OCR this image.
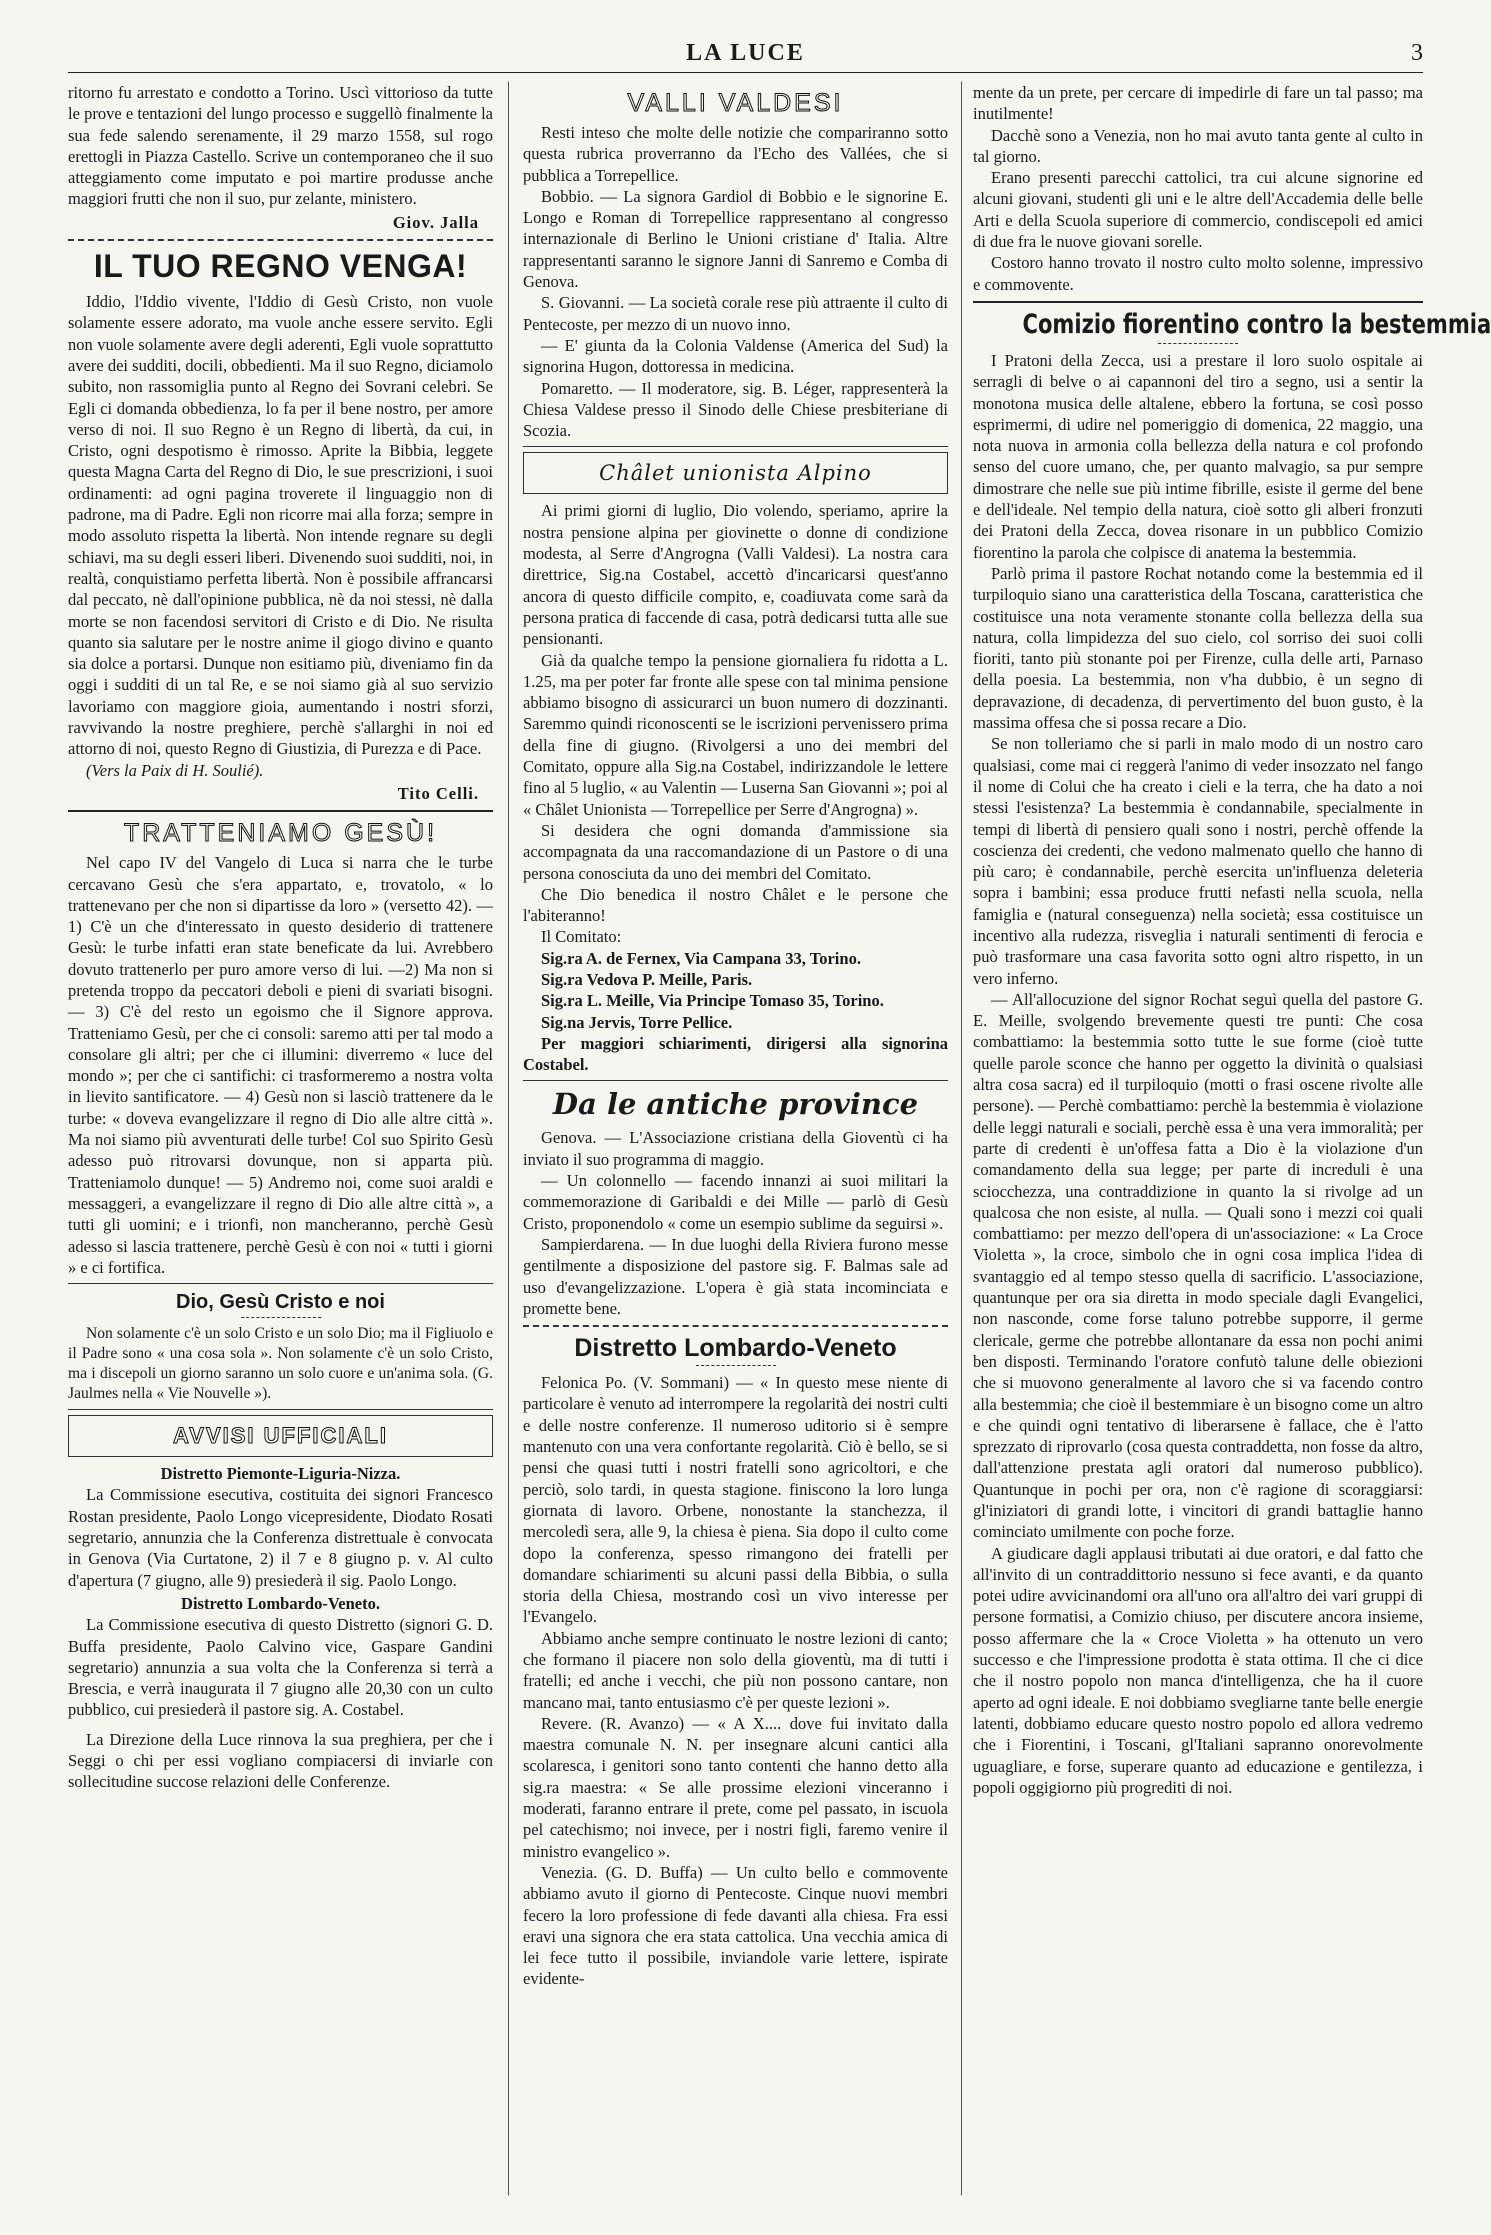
LA LUCE	3

ritorno fu arrestato e condotto a Torino. Uscì vittorioso da tutte le prove e tentazioni del lungo processo e suggellò finalmente la sua fede salendo serenamente, il 29 marzo 1558, sul rogo erettogli in Piazza Castello. Scrive un contemporaneo che il suo atteggiamento come imputato e poi martire produsse anche maggiori frutti che non il suo, pur zelante, ministero.

Giov. Jalla

IL TUO REGNO VENGA!

Iddio, l'Iddio vivente, l'Iddio di Gesù Cristo, non vuole solamente essere adorato, ma vuole anche essere servito. Egli non vuole solamente avere degli aderenti, Egli vuole soprattutto avere dei sudditi, docili, obbedienti. Ma il suo Regno, diciamolo subito, non rassomiglia punto al Regno dei Sovrani celebri. Se Egli ci domanda obbedienza, lo fa per il bene nostro, per amore verso di noi. Il suo Regno è un Regno di libertà, da cui, in Cristo, ogni despotismo è rimosso. Aprite la Bibbia, leggete questa Magna Carta del Regno di Dio, le sue prescrizioni, i suoi ordinamenti: ad ogni pagina troverete il linguaggio non di padrone, ma di Padre. Egli non ricorre mai alla forza; sempre in modo assoluto rispetta la libertà. Non intende regnare su degli schiavi, ma su degli esseri liberi. Divenendo suoi sudditi, noi, in realtà, conquistiamo perfetta libertà. Non è possibile affrancarsi dal peccato, nè dall'opinione pubblica, nè da noi stessi, nè dalla morte se non facendosi servitori di Cristo e di Dio. Ne risulta quanto sia salutare per le nostre anime il giogo divino e quanto sia dolce a portarsi. Dunque non esitiamo più, diveniamo fin da oggi i sudditi di un tal Re, e se noi siamo già al suo servizio lavoriamo con maggiore gioia, aumentando i nostri sforzi, ravvivando la nostre preghiere, perchè s'allarghi in noi ed attorno di noi, questo Regno di Giustizia, di Purezza e di Pace.

(Vers la Paix di H. Soulié).

Tito Celli.

TRATTENIAMO GESÙ!

Nel capo IV del Vangelo di Luca si narra che le turbe cercavano Gesù che s'era appartato, e, trovatolo, « lo trattenevano per che non si dipartisse da loro » (versetto 42). — 1) C'è un che d'interessato in questo desiderio di trattenere Gesù: le turbe infatti eran state beneficate da lui. Avrebbero dovuto trattenerlo per puro amore verso di lui. —2) Ma non si pretenda troppo da peccatori deboli e pieni di svariati bisogni. — 3) C'è del resto un egoismo che il Signore approva. Tratteniamo Gesù, per che ci consoli: saremo atti per tal modo a consolare gli altri; per che ci illumini: diverremo « luce del mondo »; per che ci santifichi: ci trasformeremo a nostra volta in lievito santificatore. — 4) Gesù non si lasciò trattenere da le turbe: « doveva evangelizzare il regno di Dio alle altre città ». Ma noi siamo più avventurati delle turbe! Col suo Spirito Gesù adesso può ritrovarsi dovunque, non si apparta più. Tratteniamolo dunque! — 5) Andremo noi, come suoi araldi e messaggeri, a evangelizzare il regno di Dio alle altre città », a tutti gli uomini; e i trionfi, non mancheranno, perchè Gesù adesso si lascia trattenere, perchè Gesù è con noi « tutti i giorni » e ci fortifica.

Dio, Gesù Cristo e noi

Non solamente c'è un solo Cristo e un solo Dio; ma il Figliuolo e il Padre sono « una cosa sola ». Non solamente c'è un solo Cristo, ma i discepoli un giorno saranno un solo cuore e un'anima sola. (G. Jaulmes nella « Vie Nouvelle »).

AVVISI UFFICIALI

Distretto Piemonte-Liguria-Nizza.

La Commissione esecutiva, costituita dei signori Francesco Rostan presidente, Paolo Longo vicepresidente, Diodato Rosati segretario, annunzia che la Conferenza distrettuale è convocata in Genova (Via Curtatone, 2) il 7 e 8 giugno p. v. Al culto d'apertura (7 giugno, alle 9) presiederà il sig. Paolo Longo.

Distretto Lombardo-Veneto.

La Commissione esecutiva di questo Distretto (signori G. D. Buffa presidente, Paolo Calvino vice, Gaspare Gandini segretario) annunzia a sua volta che la Conferenza si terrà a Brescia, e verrà inaugurata il 7 giugno alle 20,30 con un culto pubblico, cui presiederà il pastore sig. A. Costabel.

La Direzione della Luce rinnova la sua preghiera, per che i Seggi o chi per essi vogliano compiacersi di inviarle con sollecitudine succose relazioni delle Conferenze.

VALLI VALDESI

Resti inteso che molte delle notizie che compariranno sotto questa rubrica proverranno da l'Echo des Vallées, che si pubblica a Torrepellice.

Bobbio. — La signora Gardiol di Bobbio e le signorine E. Longo e Roman di Torrepellice rappresentano al congresso internazionale di Berlino le Unioni cristiane d' Italia. Altre rappresentanti saranno le signore Janni di Sanremo e Comba di Genova.

S. Giovanni. — La società corale rese più attraente il culto di Pentecoste, per mezzo di un nuovo inno.

— E' giunta da la Colonia Valdense (America del Sud) la signorina Hugon, dottoressa in medicina.

Pomaretto. — Il moderatore, sig. B. Léger, rappresenterà la Chiesa Valdese presso il Sinodo delle Chiese presbiteriane di Scozia.

Châlet unionista Alpino

Ai primi giorni di luglio, Dio volendo, speriamo, aprire la nostra pensione alpina per giovinette o donne di condizione modesta, al Serre d'Angrogna (Valli Valdesi). La nostra cara direttrice, Sig.na Costabel, accettò d'incaricarsi quest'anno ancora di questo difficile compito, e, coadiuvata come sarà da persona pratica di faccende di casa, potrà dedicarsi tutta alle sue pensionanti.

Già da qualche tempo la pensione giornaliera fu ridotta a L. 1.25, ma per poter far fronte alle spese con tal minima pensione abbiamo bisogno di assicurarci un buon numero di dozzinanti. Saremmo quindi riconoscenti se le iscrizioni pervenissero prima della fine di giugno. (Rivolgersi a uno dei membri del Comitato, oppure alla Sig.na Costabel, indirizzandole le lettere fino al 5 luglio, « au Valentin — Luserna San Giovanni »; poi al « Châlet Unionista — Torrepellice per Serre d'Angrogna) ».

Si desidera che ogni domanda d'ammissione sia accompagnata da una raccomandazione di un Pastore o di una persona conosciuta da uno dei membri del Comitato.

Che Dio benedica il nostro Châlet e le persone che l'abiteranno!

Il Comitato:

Sig.ra A. de Fernex, Via Campana 33, Torino.

Sig.ra Vedova P. Meille, Paris.

Sig.ra L. Meille, Via Principe Tomaso 35, Torino.

Sig.na Jervis, Torre Pellice.

Per maggiori schiarimenti, dirigersi alla signorina Costabel.

Da le antiche province

Genova. — L'Associazione cristiana della Gioventù ci ha inviato il suo programma di maggio.

— Un colonnello — facendo innanzi ai suoi militari la commemorazione di Garibaldi e dei Mille — parlò di Gesù Cristo, proponendolo « come un esempio sublime da seguirsi ».

Sampierdarena. — In due luoghi della Riviera furono messe gentilmente a disposizione del pastore sig. F. Balmas sale ad uso d'evangelizzazione. L'opera è già stata incominciata e promette bene.

Distretto Lombardo-Veneto

Felonica Po. (V. Sommani) — « In questo mese niente di particolare è venuto ad interrompere la regolarità dei nostri culti e delle nostre conferenze. Il numeroso uditorio si è sempre mantenuto con una vera confortante regolarità. Ciò è bello, se si pensi che quasi tutti i nostri fratelli sono agricoltori, e che perciò, solo tardi, in questa stagione. finiscono la loro lunga giornata di lavoro. Orbene, nonostante la stanchezza, il mercoledì sera, alle 9, la chiesa è piena. Sia dopo il culto come dopo la conferenza, spesso rimangono dei fratelli per domandare schiarimenti su alcuni passi della Bibbia, o sulla storia della Chiesa, mostrando così un vivo interesse per l'Evangelo.

Abbiamo anche sempre continuato le nostre lezioni di canto; che formano il piacere non solo della gioventù, ma di tutti i fratelli; ed anche i vecchi, che più non possono cantare, non mancano mai, tanto entusiasmo c'è per queste lezioni ».

Revere. (R. Avanzo) — « A X.... dove fui invitato dalla maestra comunale N. N. per insegnare alcuni cantici alla scolaresca, i genitori sono tanto contenti che hanno detto alla sig.ra maestra: « Se alle prossime elezioni vinceranno i moderati, faranno entrare il prete, come pel passato, in iscuola pel catechismo; noi invece, per i nostri figli, faremo venire il ministro evangelico ».

Venezia. (G. D. Buffa) — Un culto bello e commovente abbiamo avuto il giorno di Pentecoste. Cinque nuovi membri fecero la loro professione di fede davanti alla chiesa. Fra essi eravi una signora che era stata cattolica. Una vecchia amica di lei fece tutto il possibile, inviandole varie lettere, ispirate evidente-

mente da un prete, per cercare di impedirle di fare un tal passo; ma inutilmente!

Dacchè sono a Venezia, non ho mai avuto tanta gente al culto in tal giorno.

Erano presenti parecchi cattolici, tra cui alcune signorine ed alcuni giovani, studenti gli uni e le altre dell'Accademia delle belle Arti e della Scuola superiore di commercio, condiscepoli ed amici di due fra le nuove giovani sorelle.

Costoro hanno trovato il nostro culto molto solenne, impressivo e commovente.

Comizio fiorentino contro la bestemmia

I Pratoni della Zecca, usi a prestare il loro suolo ospitale ai serragli di belve o ai capannoni del tiro a segno, usi a sentir la monotona musica delle altalene, ebbero la fortuna, se così posso esprimermi, di udire nel pomeriggio di domenica, 22 maggio, una nota nuova in armonia colla bellezza della natura e col profondo senso del cuore umano, che, per quanto malvagio, sa pur sempre dimostrare che nelle sue più intime fibrille, esiste il germe del bene e dell'ideale. Nel tempio della natura, cioè sotto gli alberi fronzuti dei Pratoni della Zecca, dovea risonare in un pubblico Comizio fiorentino la parola che colpisce di anatema la bestemmia.

Parlò prima il pastore Rochat notando come la bestemmia ed il turpiloquio siano una caratteristica della Toscana, caratteristica che costituisce una nota veramente stonante colla bellezza della sua natura, colla limpidezza del suo cielo, col sorriso dei suoi colli fioriti, tanto più stonante poi per Firenze, culla delle arti, Parnaso della poesia. La bestemmia, non v'ha dubbio, è un segno di depravazione, di decadenza, di pervertimento del buon gusto, è la massima offesa che si possa recare a Dio.

Se non tolleriamo che si parli in malo modo di un nostro caro qualsiasi, come mai ci reggerà l'animo di veder insozzato nel fango il nome di Colui che ha creato i cieli e la terra, che ha dato a noi stessi l'esistenza? La bestemmia è condannabile, specialmente in tempi di libertà di pensiero quali sono i nostri, perchè offende la coscienza dei credenti, che vedono malmenato quello che hanno di più caro; è condannabile, perchè esercita un'influenza deleteria sopra i bambini; essa produce frutti nefasti nella scuola, nella famiglia e (natural conseguenza) nella società; essa costituisce un incentivo alla rudezza, risveglia i naturali sentimenti di ferocia e può trasformare una casa favorita sotto ogni altro rispetto, in un vero inferno.

— All'allocuzione del signor Rochat seguì quella del pastore G. E. Meille, svolgendo brevemente questi tre punti: Che cosa combattiamo: la bestemmia sotto tutte le sue forme (cioè tutte quelle parole sconce che hanno per oggetto la divinità o qualsiasi altra cosa sacra) ed il turpiloquio (motti o frasi oscene rivolte alle persone). — Perchè combattiamo: perchè la bestemmia è violazione delle leggi naturali e sociali, perchè essa è una vera immoralità; per parte di credenti è un'offesa fatta a Dio è la violazione d'un comandamento della sua legge; per parte di increduli è una sciocchezza, una contraddizione in quanto la si rivolge ad un qualcosa che non esiste, al nulla. — Quali sono i mezzi coi quali combattiamo: per mezzo dell'opera di un'associazione: « La Croce Violetta », la croce, simbolo che in ogni cosa implica l'idea di svantaggio ed al tempo stesso quella di sacrificio. L'associazione, quantunque per ora sia diretta in modo speciale dagli Evangelici, non nasconde, come forse taluno potrebbe supporre, il germe clericale, germe che potrebbe allontanare da essa non pochi animi ben disposti. Terminando l'oratore confutò talune delle obiezioni che si muovono generalmente al lavoro che si va facendo contro alla bestemmia; che cioè il bestemmiare è un bisogno come un altro e che quindi ogni tentativo di liberarsene è fallace, che è l'atto sprezzato di riprovarlo (cosa questa contraddetta, non fosse da altro, dall'attenzione prestata agli oratori dal numeroso pubblico). Quantunque in pochi per ora, non c'è ragione di scoraggiarsi: gl'iniziatori di grandi lotte, i vincitori di grandi battaglie hanno cominciato umilmente con poche forze.

A giudicare dagli applausi tributati ai due oratori, e dal fatto che all'invito di un contraddittorio nessuno si fece avanti, e da quanto potei udire avvicinandomi ora all'uno ora all'altro dei vari gruppi di persone formatisi, a Comizio chiuso, per discutere ancora insieme, posso affermare che la « Croce Violetta » ha ottenuto un vero successo e che l'impressione prodotta è stata ottima. Il che ci dice che il nostro popolo non manca d'intelligenza, che ha il cuore aperto ad ogni ideale. E noi dobbiamo svegliarne tante belle energie latenti, dobbiamo educare questo nostro popolo ed allora vedremo che i Fiorentini, i Toscani, gl'Italiani sapranno onorevolmente uguagliare, e forse, superare quanto ad educazione e gentilezza, i popoli oggigiorno più progrediti di noi.
